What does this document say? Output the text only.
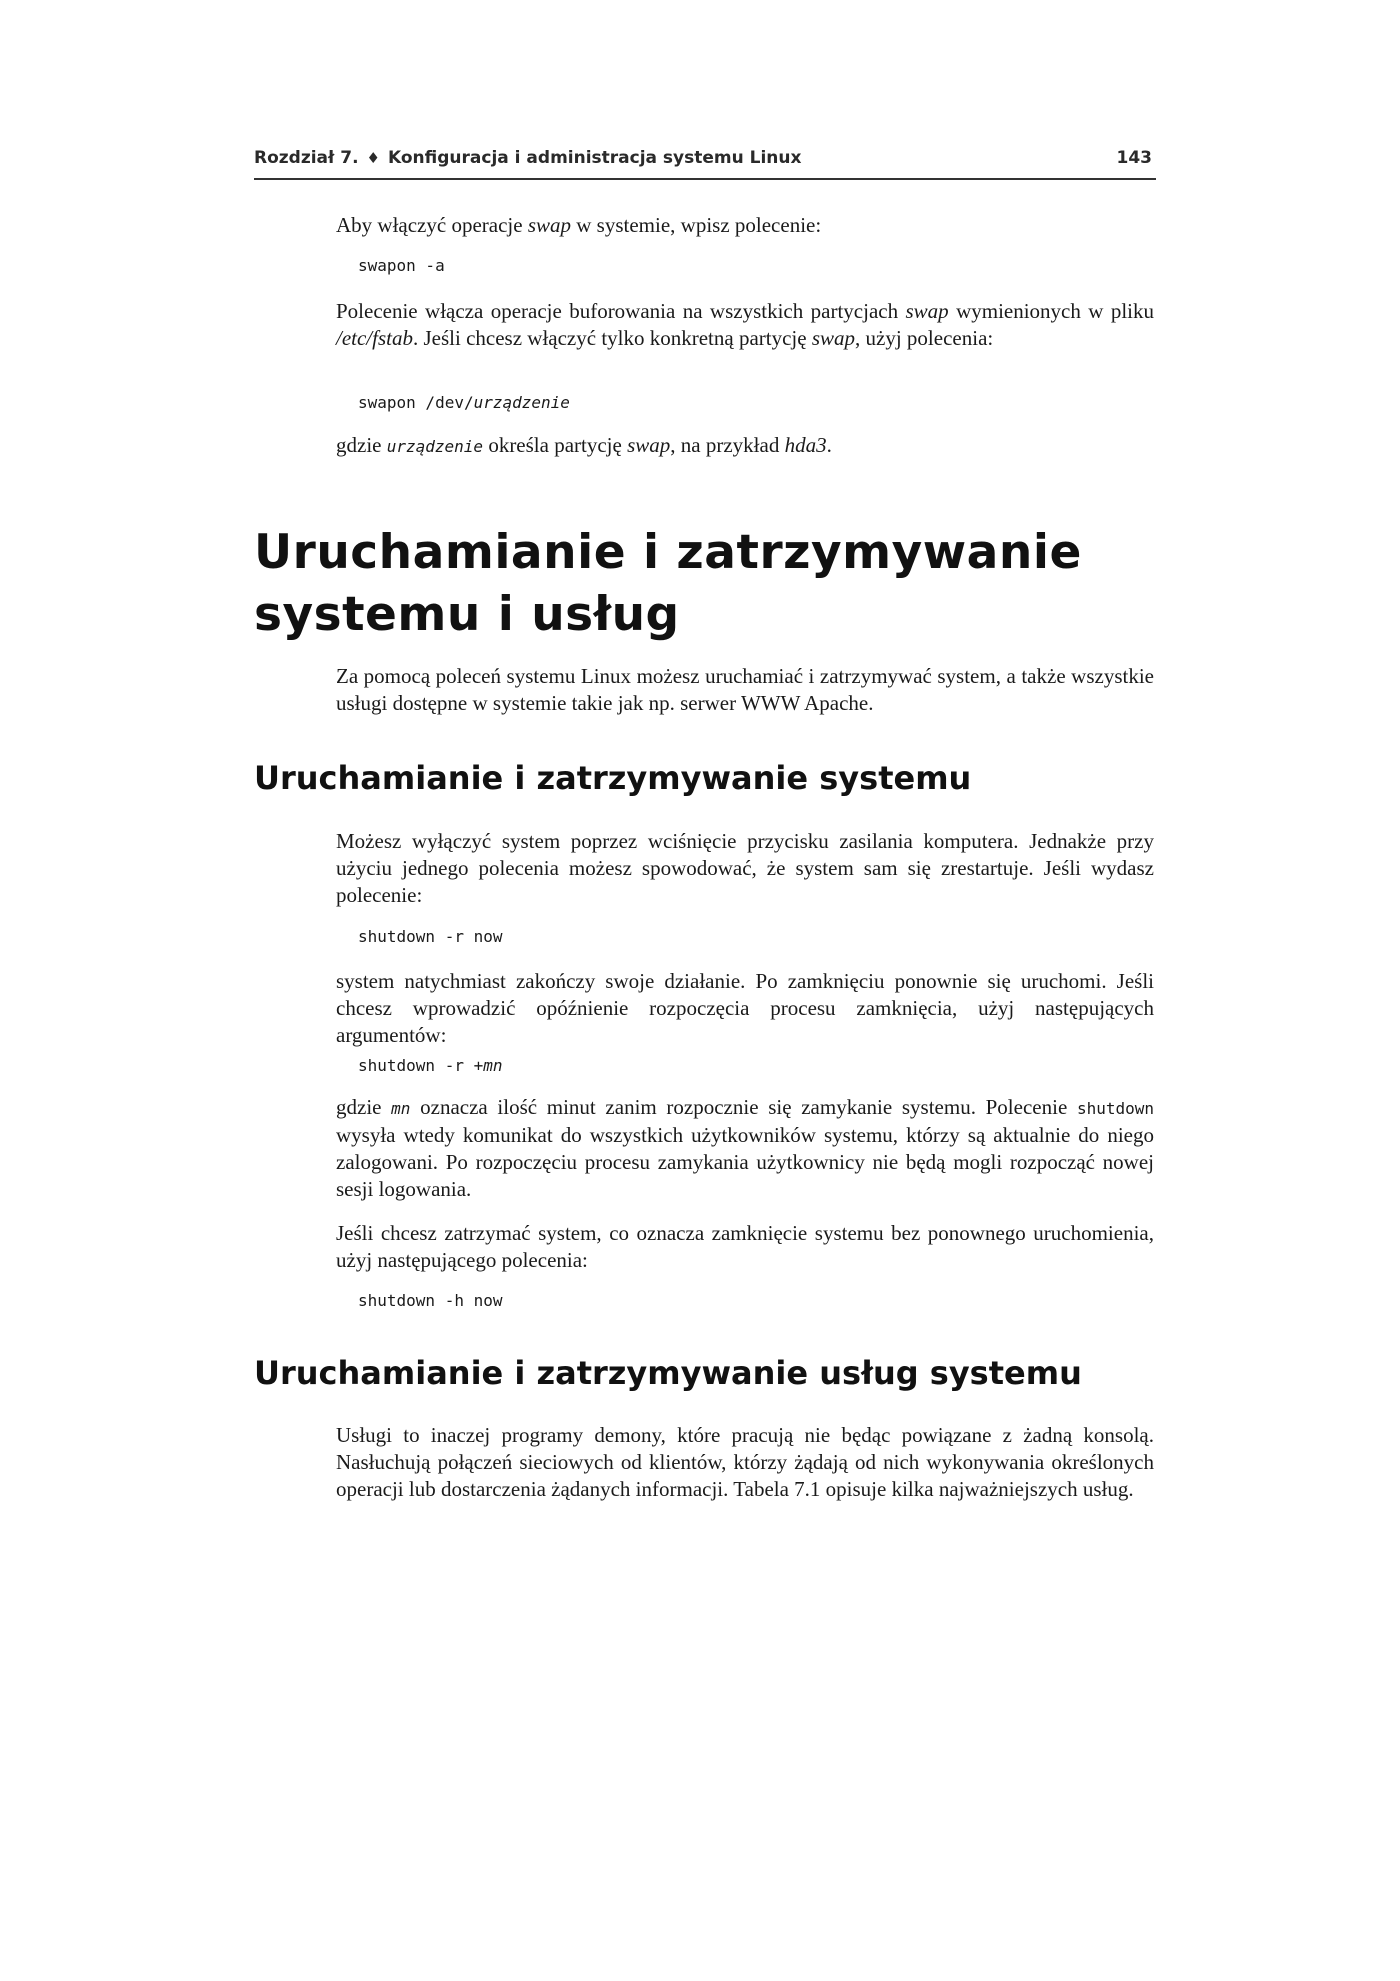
Rozdział 7. ♦ Konfiguracja i administracja systemu Linux	143

Aby włączyć operacje swap w systemie, wpisz polecenie:

swapon -a

Polecenie włącza operacje buforowania na wszystkich partycjach swap wymienionych w pliku /etc/fstab. Jeśli chcesz włączyć tylko konkretną partycję swap, użyj polecenia:

swapon /dev/urządzenie

gdzie urządzenie określa partycję swap, na przykład hda3.

Uruchamianie i zatrzymywanie
systemu i usług

Za pomocą poleceń systemu Linux możesz uruchamiać i zatrzymywać system, a także wszystkie usługi dostępne w systemie takie jak np. serwer WWW Apache.

Uruchamianie i zatrzymywanie systemu

Możesz wyłączyć system poprzez wciśnięcie przycisku zasilania komputera. Jednakże przy użyciu jednego polecenia możesz spowodować, że system sam się zrestartuje. Jeśli wydasz polecenie:

shutdown -r now

system natychmiast zakończy swoje działanie. Po zamknięciu ponownie się uruchomi. Jeśli chcesz wprowadzić opóźnienie rozpoczęcia procesu zamknięcia, użyj następujących argumentów:

shutdown -r +mn

gdzie mn oznacza ilość minut zanim rozpocznie się zamykanie systemu. Polecenie shutdown wysyła wtedy komunikat do wszystkich użytkowników systemu, którzy są aktualnie do niego zalogowani. Po rozpoczęciu procesu zamykania użytkownicy nie będą mogli rozpocząć nowej sesji logowania.

Jeśli chcesz zatrzymać system, co oznacza zamknięcie systemu bez ponownego uruchomienia, użyj następującego polecenia:

shutdown -h now
Uruchamianie i zatrzymywanie usług systemu

Usługi to inaczej programy demony, które pracują nie będąc powiązane z żadną konsolą. Nasłuchują połączeń sieciowych od klientów, którzy żądają od nich wykonywania określonych operacji lub dostarczenia żądanych informacji. Tabela 7.1 opisuje kilka najważniejszych usług.
